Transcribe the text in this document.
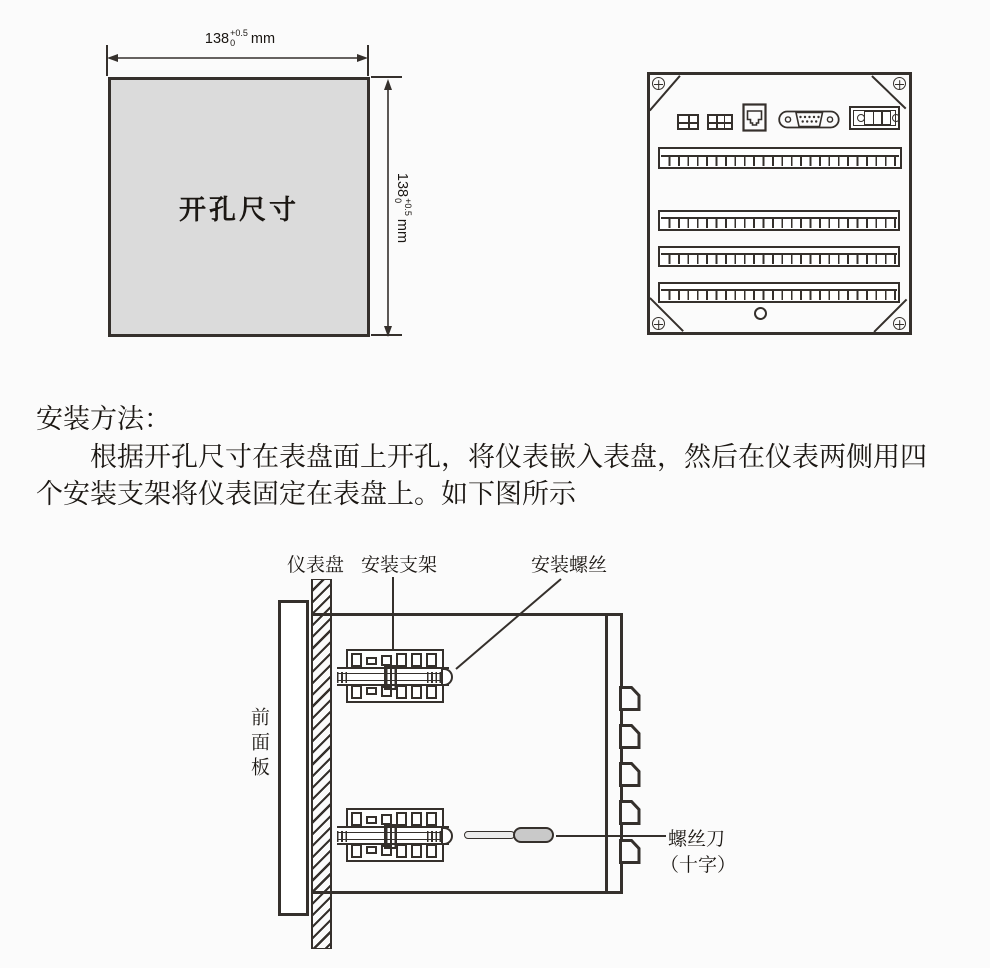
开孔尺寸
138 +0.5
0	mm
138
+0.5
0
mm
安装方法：
根据开孔尺寸在表盘面上开孔，将仪表嵌入表盘，然后在仪表两侧用四
个安装支架将仪表固定在表盘上。如下图所示
仪表盘 安装支架	安装螺丝
前面板
螺丝刀
（十字）
